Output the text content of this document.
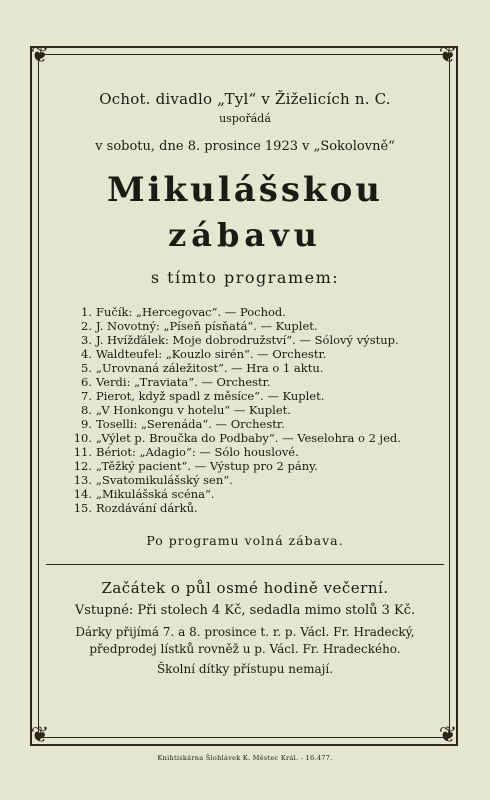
❦	❦
❦	❦
Ochot. divadlo „Tyl“ v Žiželicích n. C.
uspořádá
v sobotu, dne 8. prosince 1923 v „Sokolovně“
Mikulášskou
zábavu
s tímto programem:
1. Fučík: „Hercegovac“. — Pochod.
2. J. Novotný: „Píseň písňatá“. — Kuplet.
3. J. Hvížďálek: Moje dobrodružství“. — Sólový výstup.
4. Waldteufel: „Kouzlo sirén“. — Orchestr.
5. „Urovnaná záležitost“. — Hra o 1 aktu.
6. Verdi: „Traviata“. — Orchestr.
7. Pierot, když spadl z měsíce“. — Kuplet.
8. „V Honkongu v hotelu“ — Kuplet.
9. Toselli: „Serenáda“. — Orchestr.
10. „Výlet p. Broučka do Podbaby“. — Veselohra o 2 jed.
11. Bériot: „Adagio“: — Sólo houslové.
12. „Těžký pacient“. — Výstup pro 2 pány.
13. „Svatomikulášský sen“.
14. „Mikulášská scéna“.
15. Rozdávání dárků.
Po programu volná zábava.
Začátek o půl osmé hodině večerní.
Vstupné: Při stolech 4 Kč, sedadla mimo stolů 3 Kč.
Dárky přijímá 7. a 8. prosince t. r. p. Václ. Fr. Hradecký,
předprodej lístků rovněž u p. Václ. Fr. Hradeckého.
Školní dítky přístupu nemají.
Knihtiskárna Šlohlávek K. Městec Král. - 16.477.
